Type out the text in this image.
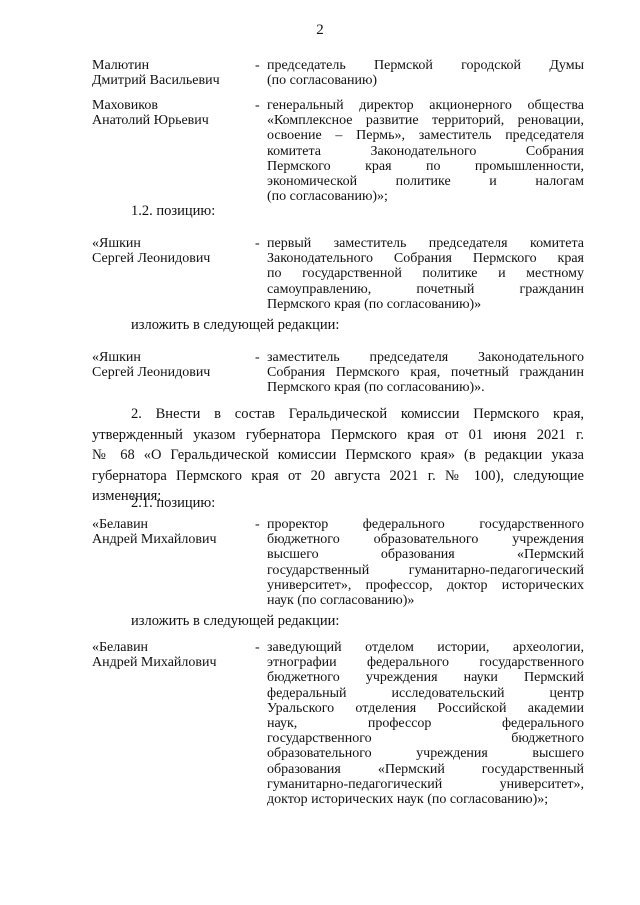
2
Малютин
Дмитрий Васильевич
- председатель Пермской городской Думы
(по согласованию)
Маховиков
Анатолий Юрьевич
- генеральный директор акционерного общества
«Комплексное развитие территорий, реновации,
освоение – Пермь», заместитель председателя
комитета Законодательного Собрания
Пермского края по промышленности,
экономической политике и налогам
(по согласованию)»;
1.2. позицию:
«Яшкин
Сергей Леонидович
- первый заместитель председателя комитета
Законодательного Собрания Пермского края
по государственной политике и местному
самоуправлению, почетный гражданин
Пермского края (по согласованию)»
изложить в следующей редакции:
«Яшкин
Сергей Леонидович
- заместитель председателя Законодательного
Собрания Пермского края, почетный гражданин
Пермского края (по согласованию)».
2. Внести в состав Геральдической комиссии Пермского края,
утвержденный указом губернатора Пермского края от 01 июня 2021 г.
№ 68 «О Геральдической комиссии Пермского края» (в редакции указа
губернатора Пермского края от 20 августа 2021 г. № 100), следующие
изменения:
2.1. позицию:
«Белавин
Андрей Михайлович
- проректор федерального государственного
бюджетного образовательного учреждения
высшего образования «Пермский
государственный гуманитарно-педагогический
университет», профессор, доктор исторических
наук (по согласованию)»
изложить в следующей редакции:
«Белавин
Андрей Михайлович
- заведующий отделом истории, археологии,
этнографии федерального государственного
бюджетного учреждения науки Пермский
федеральный исследовательский центр
Уральского отделения Российской академии
наук, профессор федерального
государственного бюджетного
образовательного учреждения высшего
образования «Пермский государственный
гуманитарно-педагогический университет»,
доктор исторических наук (по согласованию)»;
